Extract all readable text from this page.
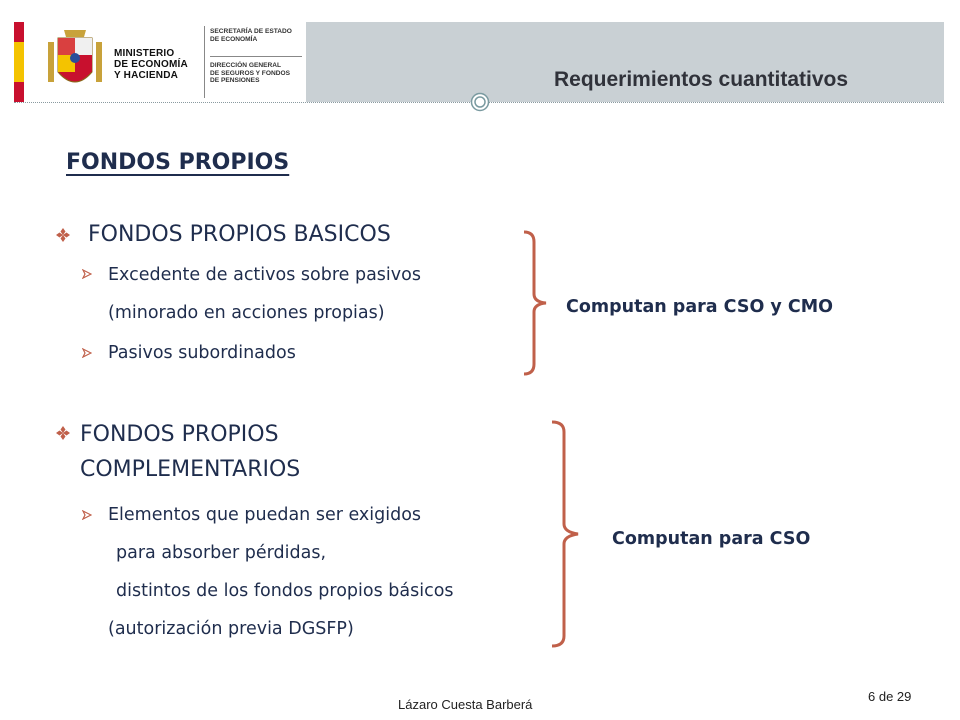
MINISTERIO
DE ECONOMÍA
Y HACIENDA
SECRETARÍA DE ESTADO
DE ECONOMÍA
DIRECCIÓN GENERAL
DE SEGUROS Y FONDOS
DE PENSIONES	Requerimientos cuantitativos
FONDOS PROPIOS
FONDOS PROPIOS BASICOS
Excedente de activos sobre pasivos
(minorado en acciones propias)
Pasivos subordinados
Computan para CSO y CMO
FONDOS PROPIOS
COMPLEMENTARIOS
Elementos que puedan ser exigidos
para absorber pérdidas,
distintos de los fondos propios básicos
(autorización previa DGSFP)
Computan para CSO
Lázaro Cuesta Barberá
6 de 29
